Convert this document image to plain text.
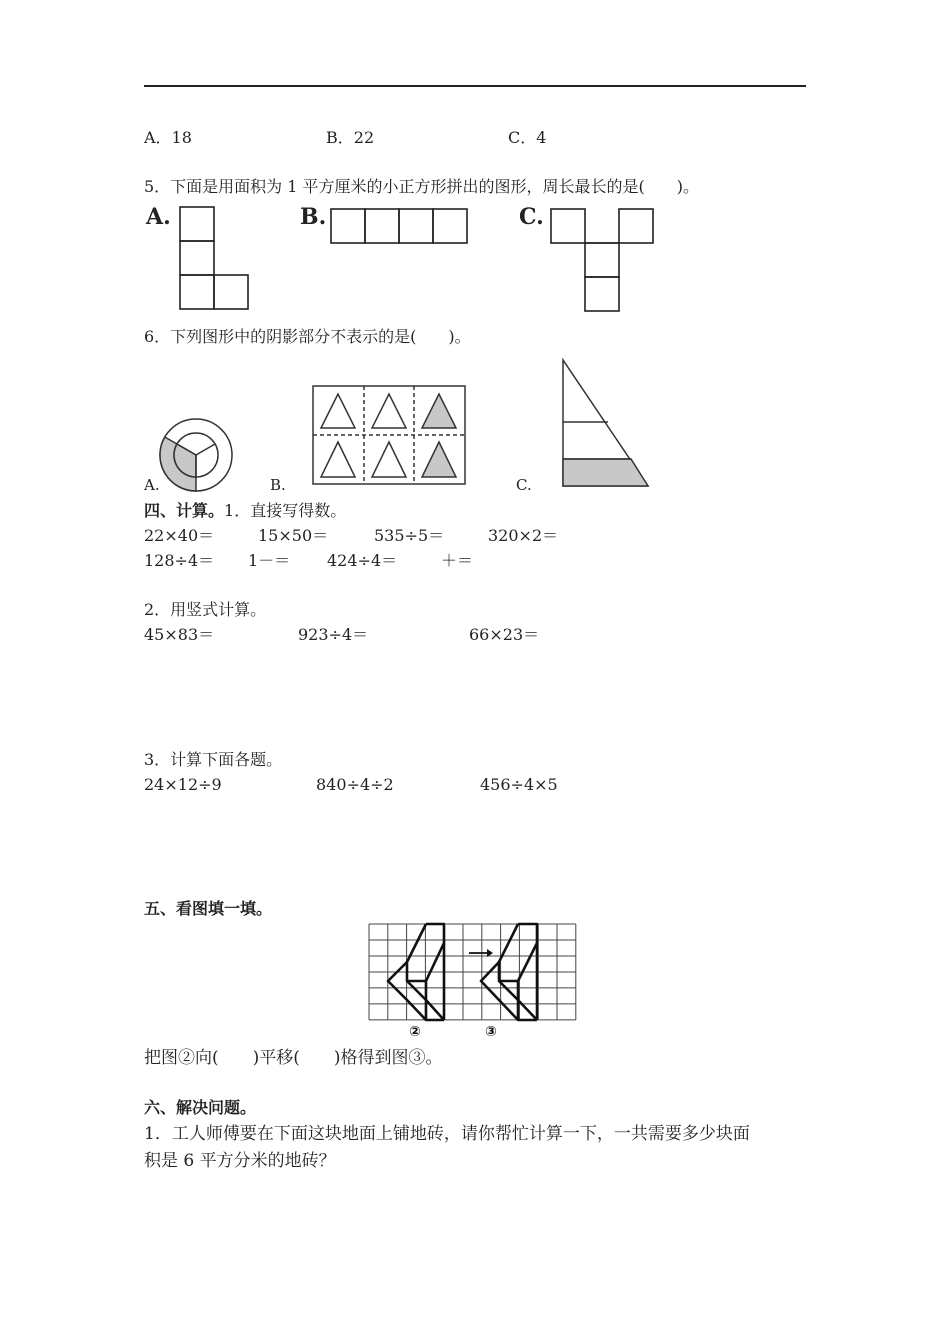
A．18	B．22	C．4
5．下面是用面积为 1 平方厘米的小正方形拼出的图形，周长最长的是(　　)。
A.	B.	C.
6．下列图形中的阴影部分不表示的是(　　)。
A.	B.	C.
四、计算。1．直接写得数。
22×40＝	15×50＝	535÷5＝	320×2＝
128÷4＝ 1－＝ 424÷4＝	＋＝
2．用竖式计算。
45×83＝	923÷4＝	66×23＝
3．计算下面各题。
24×12÷9	840÷4÷2	456÷4×5
五、看图填一填。
②	③
把图②向(　　)平移(　　)格得到图③。
六、解决问题。
1．工人师傅要在下面这块地面上铺地砖，请你帮忙计算一下，一共需要多少块面
积是 6 平方分米的地砖？
